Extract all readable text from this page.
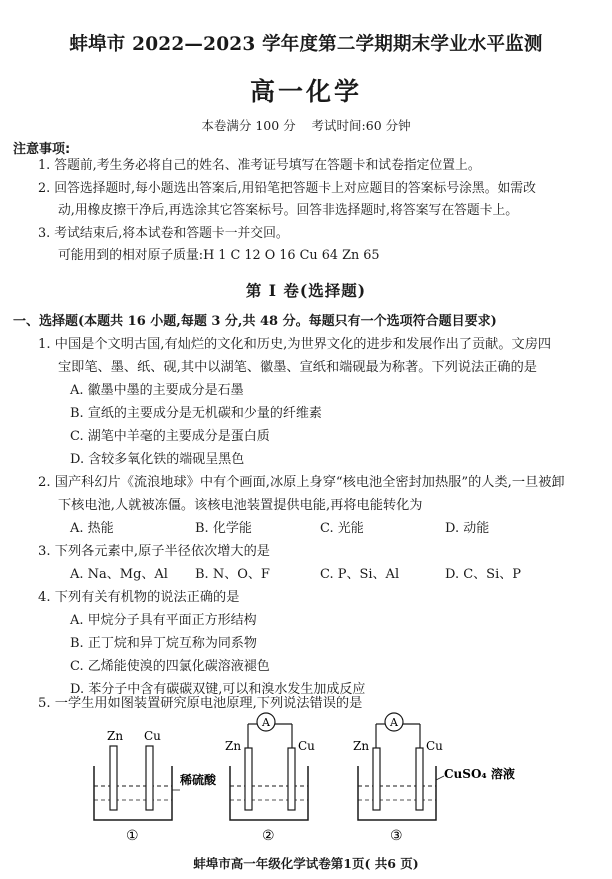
蚌埠市 2022—2023 学年度第二学期期末学业水平监测
高一化学
本卷满分 100 分    考试时间:60 分钟
注意事项:
1. 答题前,考生务必将自己的姓名、准考证号填写在答题卡和试卷指定位置上。
2. 回答选择题时,每小题选出答案后,用铅笔把答题卡上对应题目的答案标号涂黑。如需改
动,用橡皮擦干净后,再选涂其它答案标号。回答非选择题时,将答案写在答题卡上。
3. 考试结束后,将本试卷和答题卡一并交回。
可能用到的相对原子质量:H 1 C 12 O 16 Cu 64 Zn 65
第 I 卷(选择题)
一、选择题(本题共 16 小题,每题 3 分,共 48 分。每题只有一个选项符合题目要求)
1. 中国是个文明古国,有灿烂的文化和历史,为世界文化的进步和发展作出了贡献。文房四
宝即笔、墨、纸、砚,其中以湖笔、徽墨、宣纸和端砚最为称著。下列说法正确的是
A. 徽墨中墨的主要成分是石墨
B. 宣纸的主要成分是无机碳和少量的纤维素
C. 湖笔中羊毫的主要成分是蛋白质
D. 含较多氧化铁的端砚呈黑色
2. 国产科幻片《流浪地球》中有个画面,冰原上身穿“核电池全密封加热服”的人类,一旦被卸
下核电池,人就被冻僵。该核电池装置提供电能,再将电能转化为
A. 热能	B. 化学能	C. 光能	D. 动能
3. 下列各元素中,原子半径依次增大的是
A. Na、Mg、Al B. N、O、F	C. P、Si、Al	D. C、Si、P
4. 下列有关有机物的说法正确的是
A. 甲烷分子具有平面正方形结构
B. 正丁烷和异丁烷互称为同系物
C. 乙烯能使溴的四氯化碳溶液褪色
D. 苯分子中含有碳碳双键,可以和溴水发生加成反应
5. 一学生用如图装置研究原电池原理,下列说法错误的是
Zn Cu
稀硫酸
①
A
Zn	Cu
②
A
Zn	Cu
CuSO₄ 溶液
③
蚌埠市高一年级化学试卷第1页( 共6 页)
